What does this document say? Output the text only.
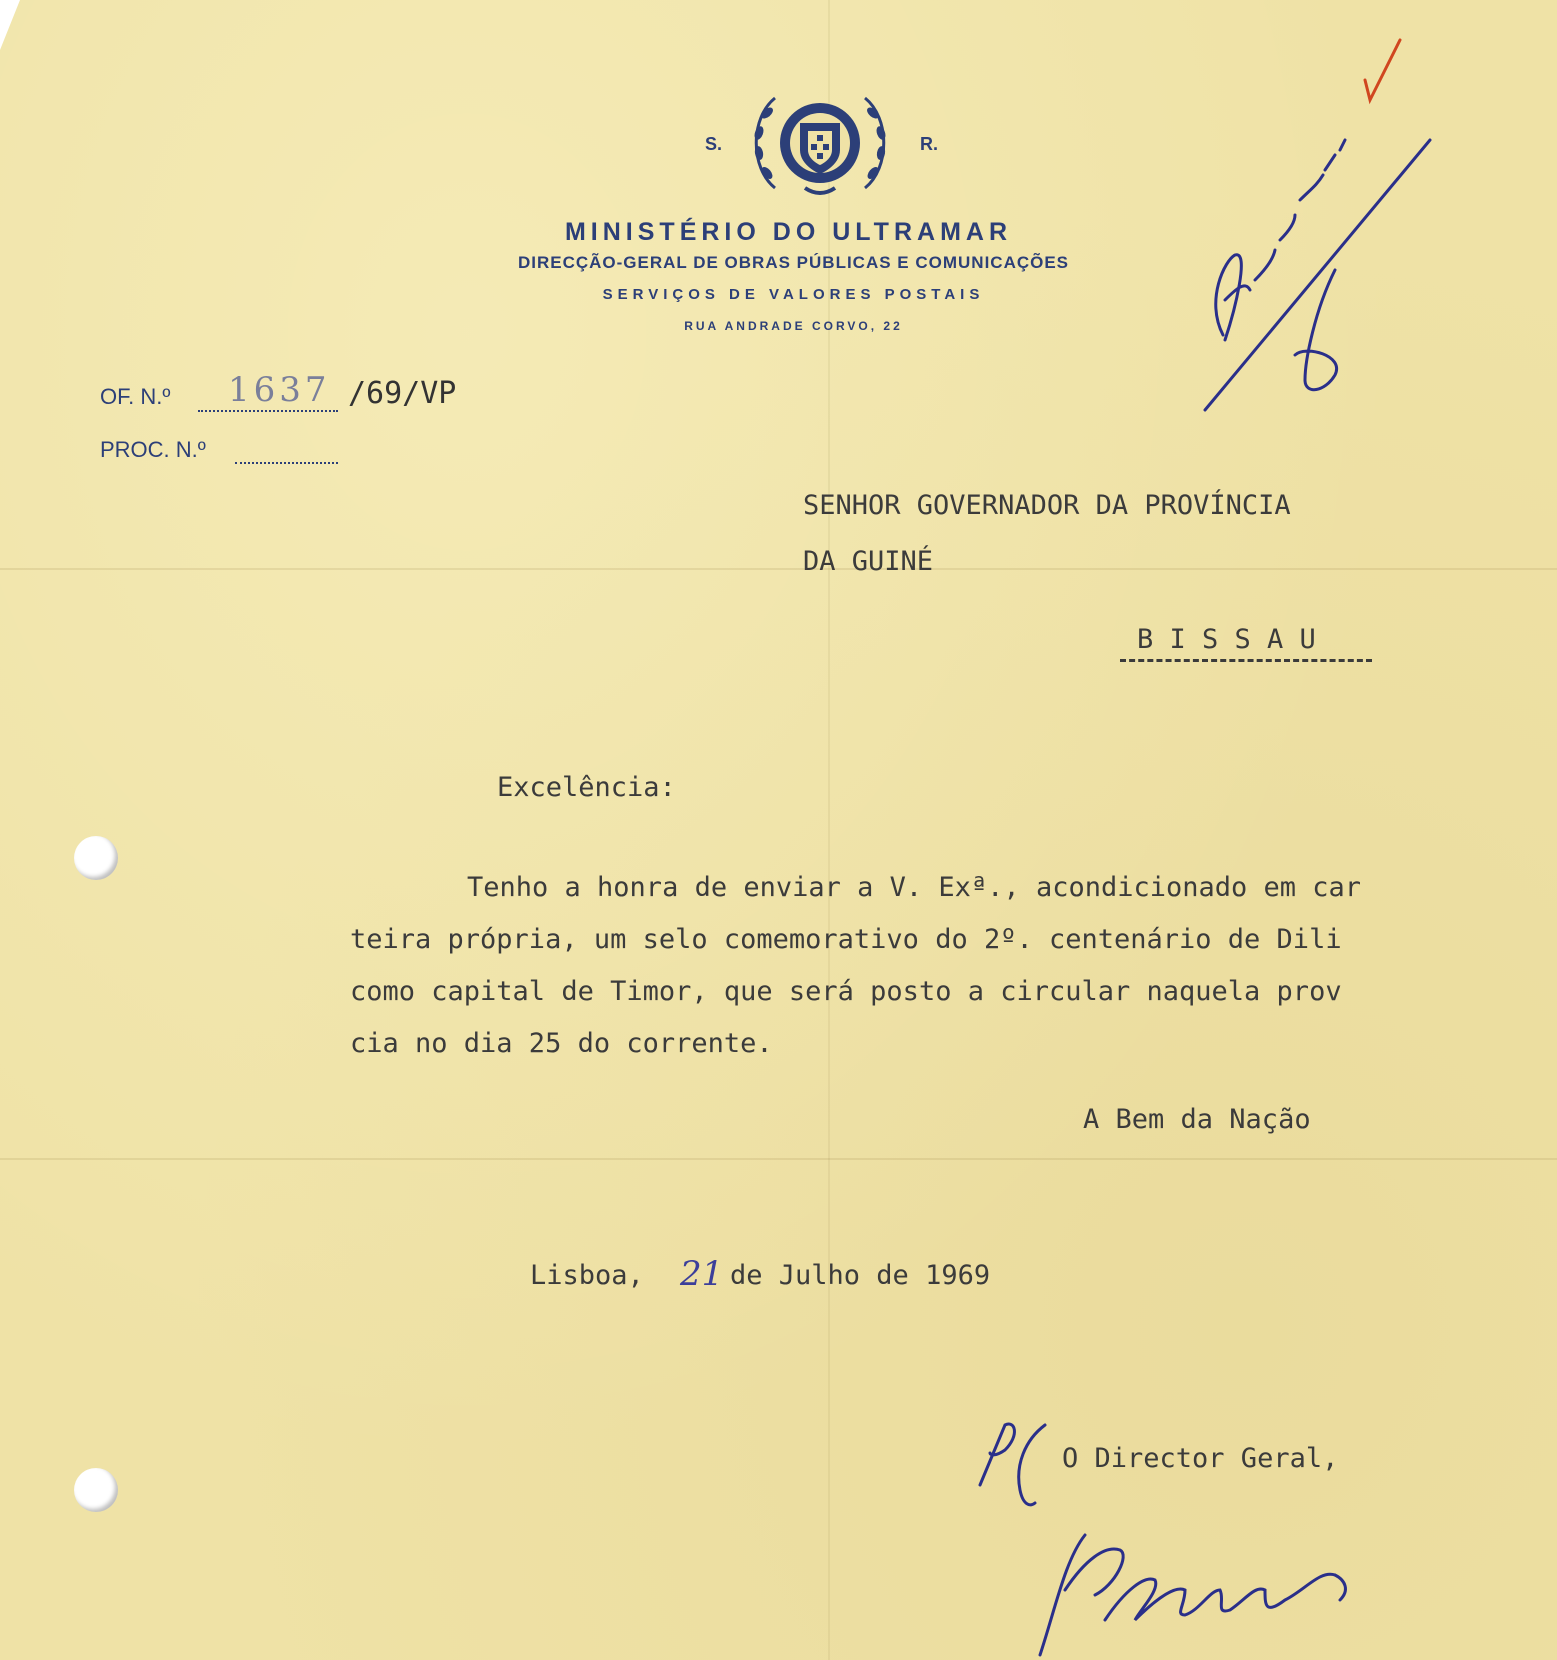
S.	R.
MINISTÉRIO DO ULTRAMAR
DIRECÇÃO-GERAL DE OBRAS PÚBLICAS E COMUNICAÇÕES
SERVIÇOS DE VALORES POSTAIS
RUA ANDRADE CORVO, 22
OF. N.º 1637 /69/VP
PROC. N.º
SENHOR GOVERNADOR DA PROVÍNCIA
DA GUINÉ
B I S S A U
Excelência:
Tenho a honra de enviar a V. Exª., acondicionado em car
teira própria, um selo comemorativo do 2º. centenário de Dili
como capital de Timor, que será posto a circular naquela prov
cia no dia 25 do corrente.
A Bem da Nação
Lisboa, 21 de Julho de 1969
O Director Geral,
